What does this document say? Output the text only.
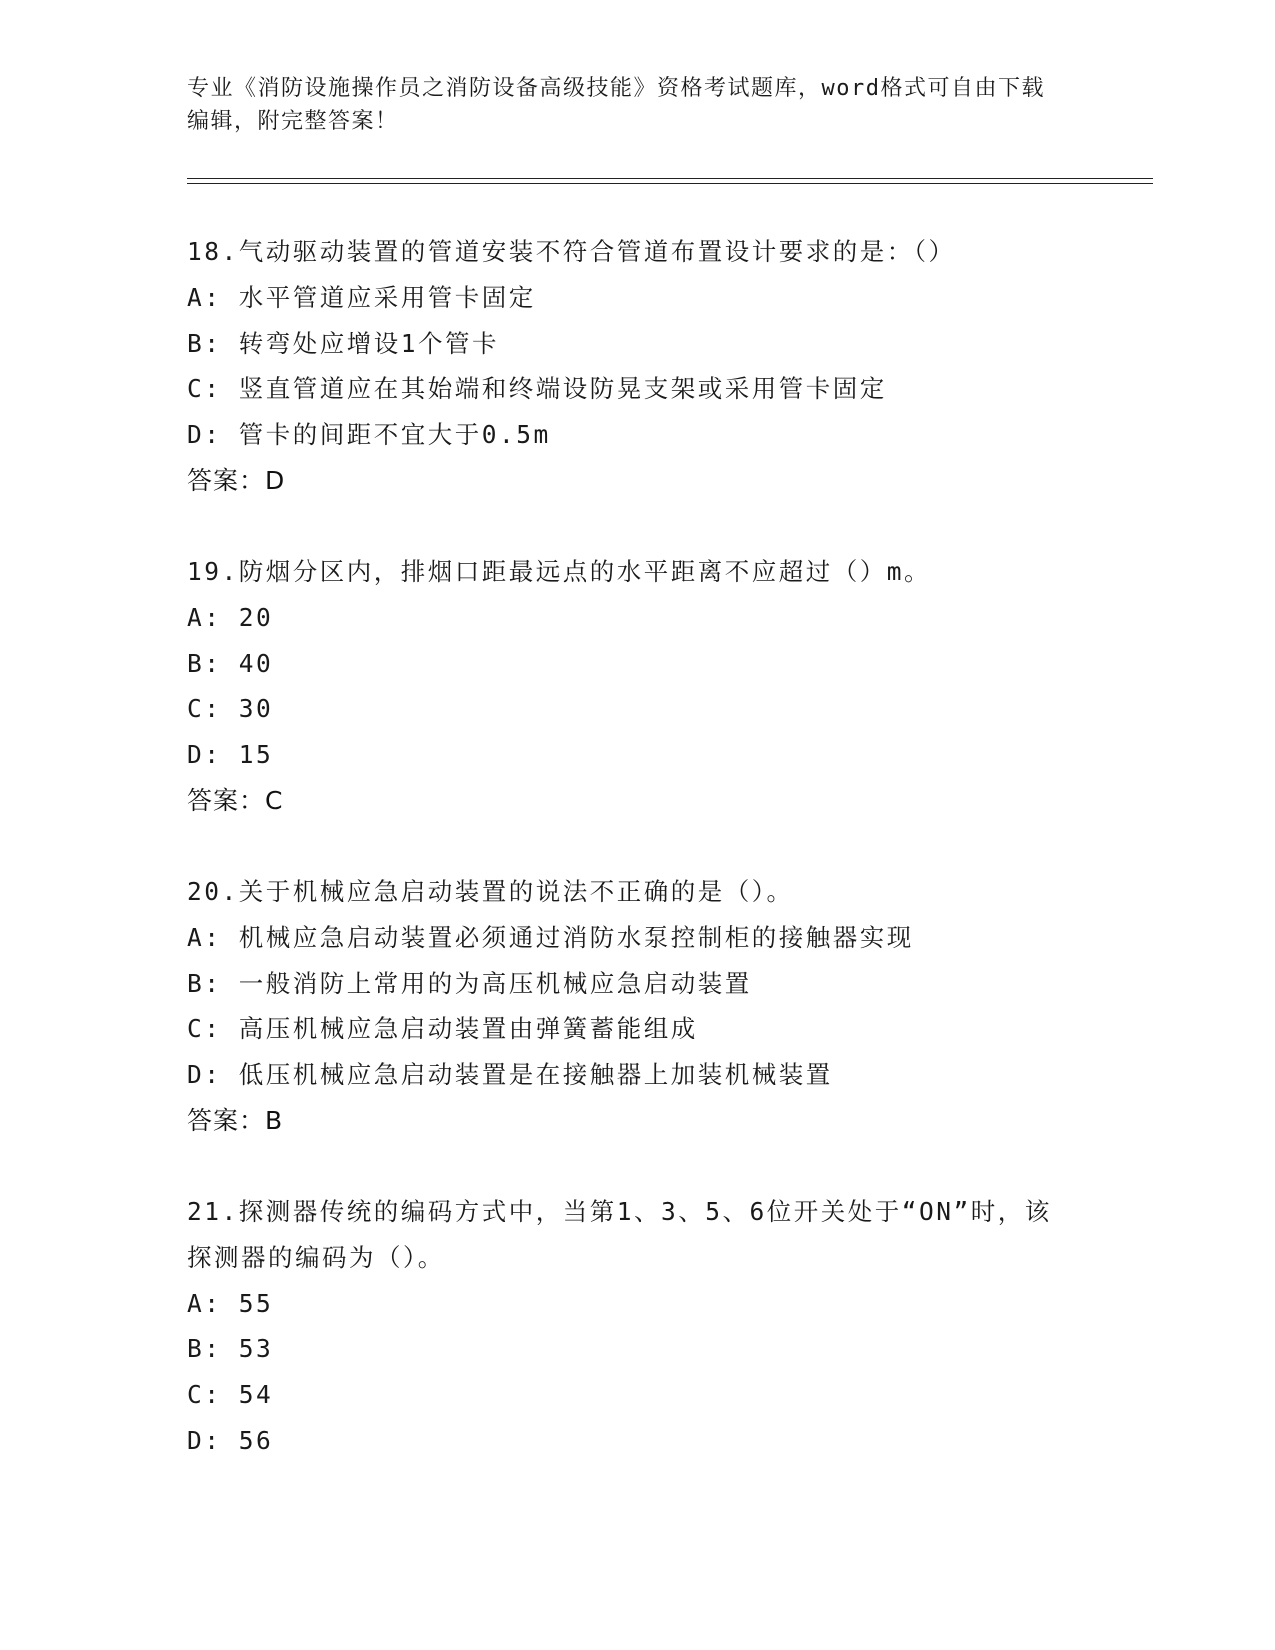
专业《消防设施操作员之消防设备高级技能》资格考试题库，word格式可自由下载编辑，附完整答案！
18.气动驱动装置的管道安装不符合管道布置设计要求的是：（）
A: 水平管道应采用管卡固定
B: 转弯处应增设1个管卡
C: 竖直管道应在其始端和终端设防晃支架或采用管卡固定
D: 管卡的间距不宜大于0.5m
答案：D
19.防烟分区内，排烟口距最远点的水平距离不应超过（）m。
A: 20
B: 40
C: 30
D: 15
答案：C
20.关于机械应急启动装置的说法不正确的是（）。
A: 机械应急启动装置必须通过消防水泵控制柜的接触器实现
B: 一般消防上常用的为高压机械应急启动装置
C: 高压机械应急启动装置由弹簧蓄能组成
D: 低压机械应急启动装置是在接触器上加装机械装置
答案：B
21.探测器传统的编码方式中，当第1、3、5、6位开关处于“ON”时，该探测器的编码为（）。
A: 55
B: 53
C: 54
D: 56
